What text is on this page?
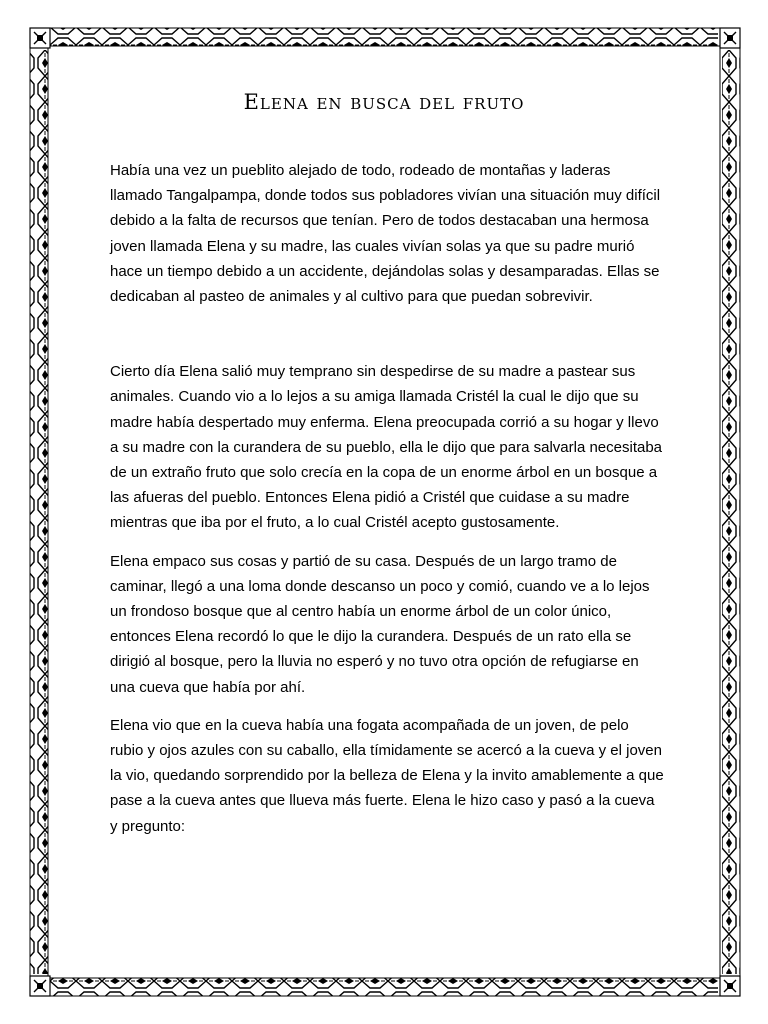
Elena en busca del fruto

Había una vez un pueblito alejado de todo, rodeado de montañas y laderas llamado Tangalpampa, donde todos sus pobladores vivían una situación muy difícil debido a la falta de recursos que tenían. Pero de todos destacaban una hermosa joven llamada Elena y su madre, las cuales vivían solas ya que su padre murió hace un tiempo debido a un accidente, dejándolas solas y desamparadas. Ellas se dedicaban al pasteo de animales y al cultivo para que puedan sobrevivir.

Cierto día Elena salió muy temprano sin despedirse de su madre a pastear sus animales. Cuando vio a lo lejos a su amiga llamada Cristél la cual le dijo que su madre había despertado muy enferma. Elena preocupada corrió a su hogar y llevo a su madre con la curandera de su pueblo, ella le dijo que para salvarla necesitaba de un extraño fruto que solo crecía en la copa de un enorme árbol en un bosque a las afueras del pueblo. Entonces Elena pidió a Cristél que cuidase a su madre mientras que iba por el fruto, a lo cual Cristél acepto gustosamente.

Elena empaco sus cosas y partió de su casa. Después de un largo tramo de caminar, llegó a una loma donde descanso un poco y comió, cuando ve a lo lejos un frondoso bosque que al centro había un enorme árbol de un color único, entonces Elena recordó lo que le dijo la curandera. Después de un rato ella se dirigió al bosque, pero la lluvia no esperó y no tuvo otra opción de refugiarse en una cueva que había por ahí.

Elena vio que en la cueva había una fogata acompañada de un joven, de pelo rubio y ojos azules con su caballo, ella tímidamente se acercó a la cueva y el joven la vio, quedando sorprendido por la belleza de Elena y la invito amablemente a que pase a la cueva antes que llueva más fuerte. Elena le hizo caso y pasó a la cueva y pregunto:
